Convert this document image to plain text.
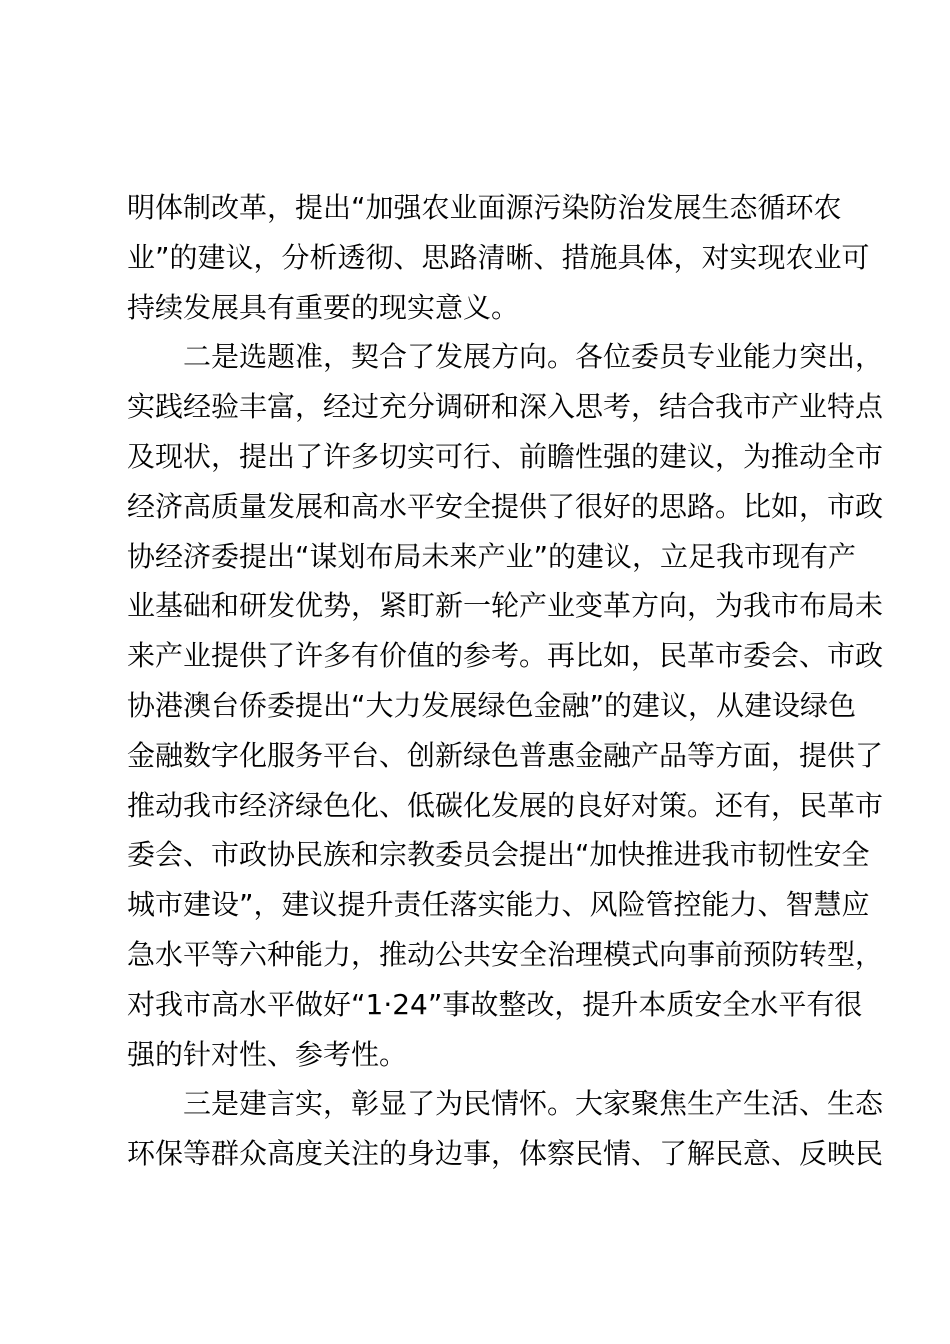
明体制改革，提出“加强农业面源污染防治发展生态循环农
业”的建议，分析透彻、思路清晰、措施具体，对实现农业可
持续发展具有重要的现实意义。
二是选题准，契合了发展方向。各位委员专业能力突出，
实践经验丰富，经过充分调研和深入思考，结合我市产业特点
及现状，提出了许多切实可行、前瞻性强的建议，为推动全市
经济高质量发展和高水平安全提供了很好的思路。比如，市政
协经济委提出“谋划布局未来产业”的建议，立足我市现有产
业基础和研发优势，紧盯新一轮产业变革方向，为我市布局未
来产业提供了许多有价值的参考。再比如，民革市委会、市政
协港澳台侨委提出“大力发展绿色金融”的建议，从建设绿色
金融数字化服务平台、创新绿色普惠金融产品等方面，提供了
推动我市经济绿色化、低碳化发展的良好对策。还有，民革市
委会、市政协民族和宗教委员会提出“加快推进我市韧性安全
城市建设”，建议提升责任落实能力、风险管控能力、智慧应
急水平等六种能力，推动公共安全治理模式向事前预防转型，
对我市高水平做好“1·24”事故整改，提升本质安全水平有很
强的针对性、参考性。
三是建言实，彰显了为民情怀。大家聚焦生产生活、生态
环保等群众高度关注的身边事，体察民情、了解民意、反映民
